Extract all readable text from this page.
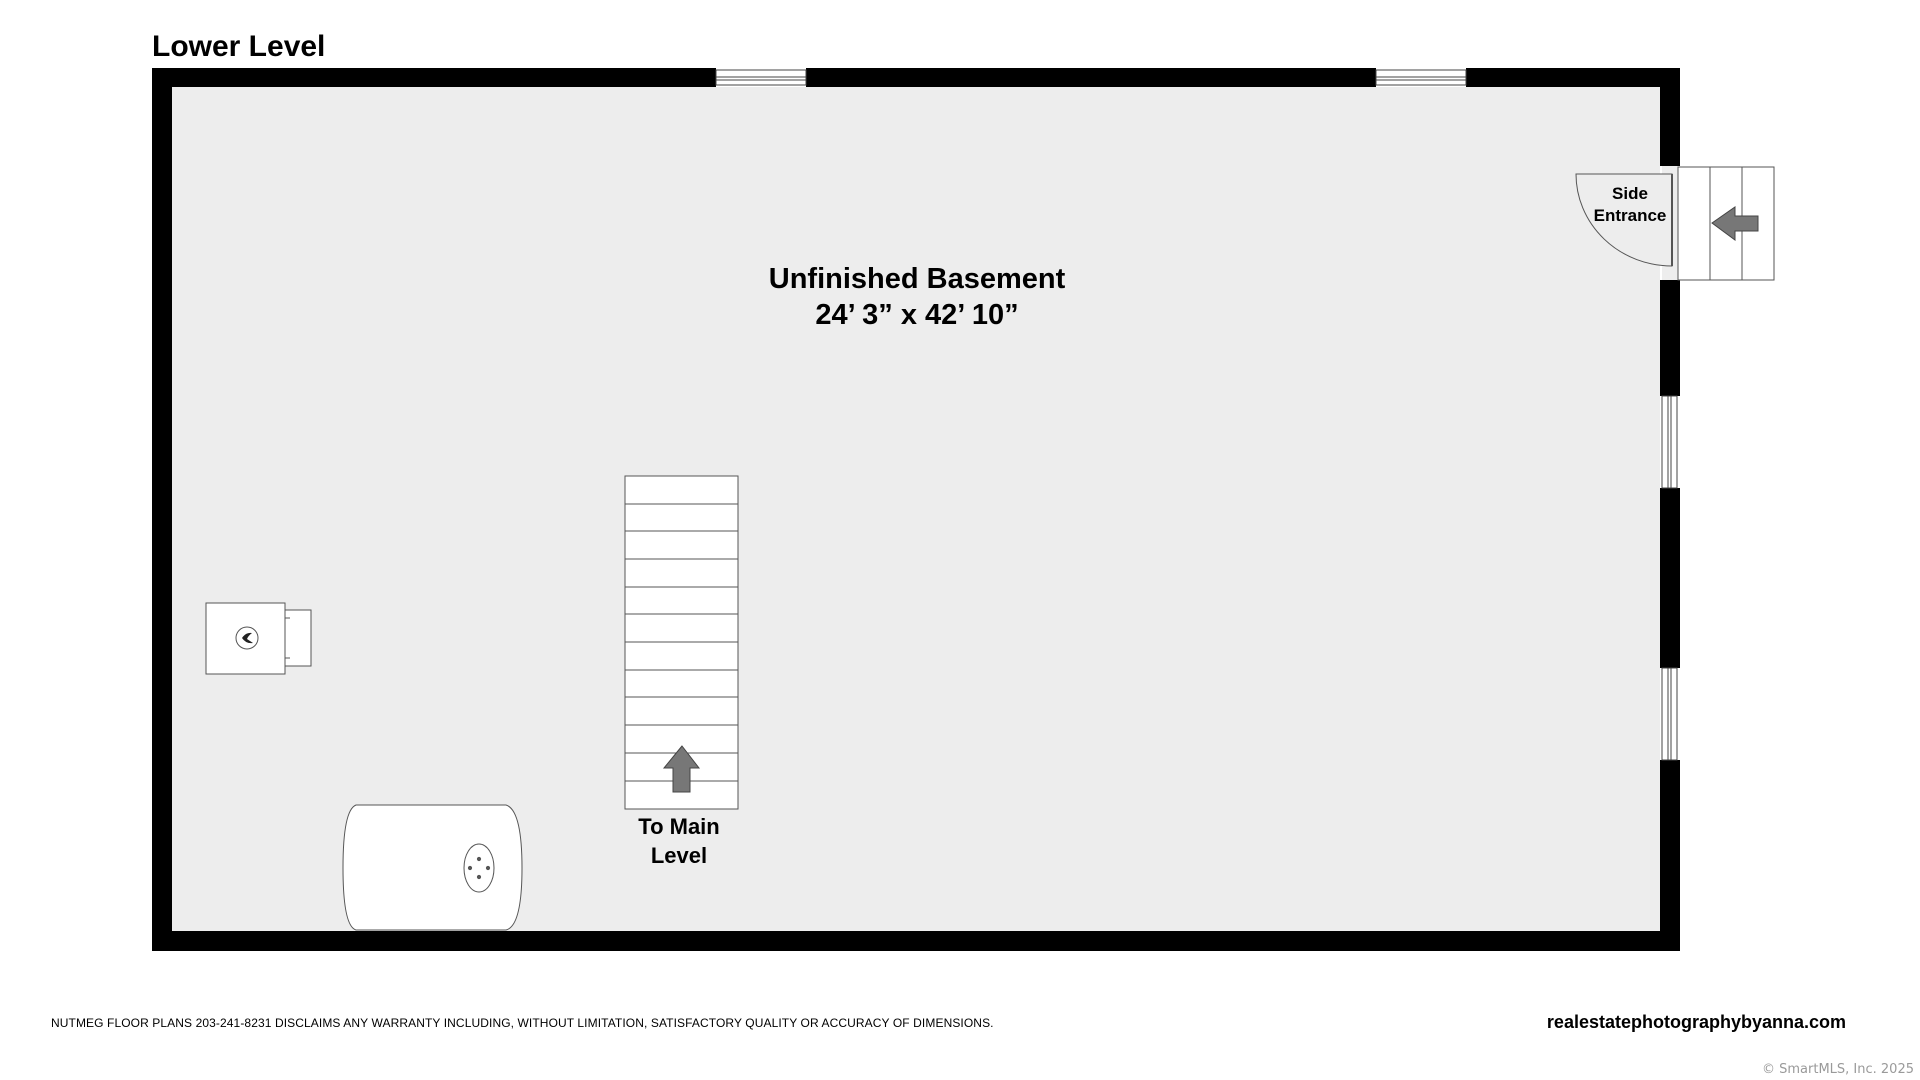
Lower Level
Unfinished Basement
24’ 3” x 42’ 10”
Side
Entrance
To Main
Level
NUTMEG FLOOR PLANS 203-241-8231 DISCLAIMS ANY WARRANTY INCLUDING, WITHOUT LIMITATION, SATISFACTORY QUALITY OR ACCURACY OF DIMENSIONS.	realestatephotographybyanna.com
© SmartMLS, Inc. 2025
